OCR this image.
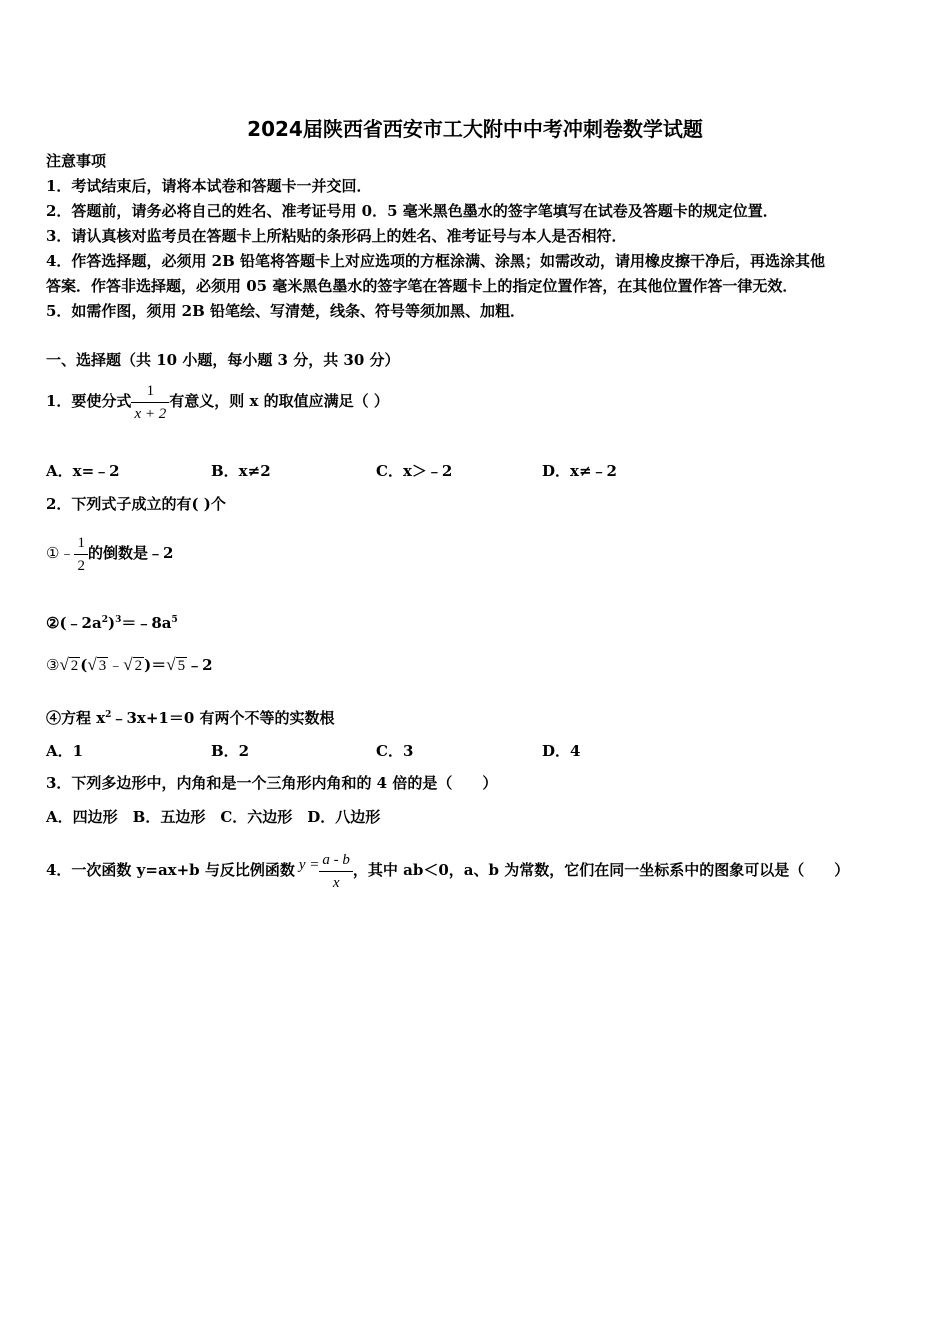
2024届陕西省西安市工大附中中考冲刺卷数学试题
注意事项
1．考试结束后，请将本试卷和答题卡一并交回．
2．答题前，请务必将自己的姓名、准考证号用 0．5 毫米黑色墨水的签字笔填写在试卷及答题卡的规定位置．
3．请认真核对监考员在答题卡上所粘贴的条形码上的姓名、准考证号与本人是否相符．
4．作答选择题，必须用 2B 铅笔将答题卡上对应选项的方框涂满、涂黑；如需改动，请用橡皮擦干净后，再选涂其他
答案．作答非选择题，必须用 05 毫米黑色墨水的签字笔在答题卡上的指定位置作答，在其他位置作答一律无效．
5．如需作图，须用 2B 铅笔绘、写清楚，线条、符号等须加黑、加粗．
一、选择题（共 10 小题，每小题 3 分，共 30 分）
1．要使分式 $\frac{1}{x + 2}$ 有意义，则 x 的取值应满足（ ）
A．x=﹣2	B．x≠2	C．x＞﹣2	D．x≠﹣2
2．下列式子成立的有( )个
①﹣ $\frac{1}{2}$ 的倒数是﹣2
$②(﹣2a^2)^3=﹣8a^5$
③√ 2 (√ 3 ﹣√ 2 )＝√ 5 ﹣2
④方程 $x^2﹣3x+1=0$ 有两个不等的实数根
A．1	B．2	C．3	D．4
3．下列多边形中，内角和是一个三角形内角和的 4 倍的是（　　）
A．四边形　B．五边形　C．六边形　D．八边形
4．一次函数 y=ax+b 与反比例函数 $y = \frac{a - b}{x}$ ，其中 ab＜0，a、b 为常数，它们在同一坐标系中的图象可以是（　　）
